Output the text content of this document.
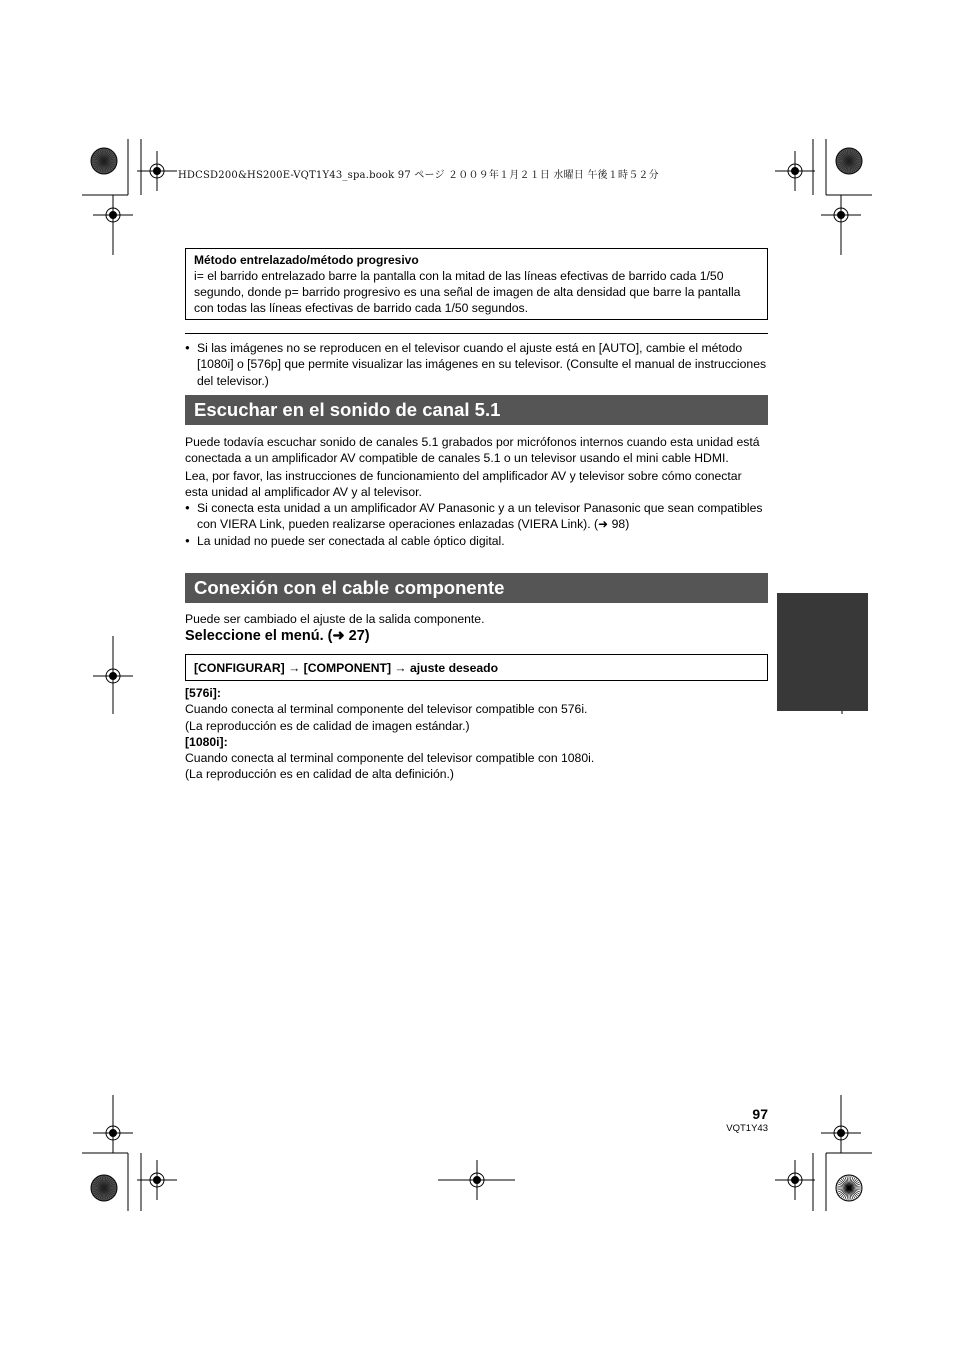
HDCSD200&HS200E-VQT1Y43_spa.book 97 ページ ２００９年１月２１日 水曜日 午後１時５２分
Método entrelazado/método progresivo
i= el barrido entrelazado barre la pantalla con la mitad de las líneas efectivas de barrido cada 1/50 segundo, donde p= barrido progresivo es una señal de imagen de alta densidad que barre la pantalla con todas las líneas efectivas de barrido cada 1/50 segundos.
● Si las imágenes no se reproducen en el televisor cuando el ajuste está en [AUTO], cambie el método [1080i] o [576p] que permite visualizar las imágenes en su televisor. (Consulte el manual de instrucciones del televisor.)
Escuchar en el sonido de canal 5.1
Puede todavía escuchar sonido de canales 5.1 grabados por micrófonos internos cuando esta unidad está conectada a un amplificador AV compatible de canales 5.1 o un televisor usando el mini cable HDMI.
Lea, por favor, las instrucciones de funcionamiento del amplificador AV y televisor sobre cómo conectar esta unidad al amplificador AV y al televisor.
● Si conecta esta unidad a un amplificador AV Panasonic y a un televisor Panasonic que sean compatibles con VIERA Link, pueden realizarse operaciones enlazadas (VIERA Link). (➜ 98)
● La unidad no puede ser conectada al cable óptico digital.
Conexión con el cable componente
Puede ser cambiado el ajuste de la salida componente.
Seleccione el menú. (➜ 27)
[CONFIGURAR] → [COMPONENT] → ajuste deseado
[576i]:
Cuando conecta al terminal componente del televisor compatible con 576i.
(La reproducción es de calidad de imagen estándar.)
[1080i]:
Cuando conecta al terminal componente del televisor compatible con 1080i.
(La reproducción es en calidad de alta definición.)
97
VQT1Y43
